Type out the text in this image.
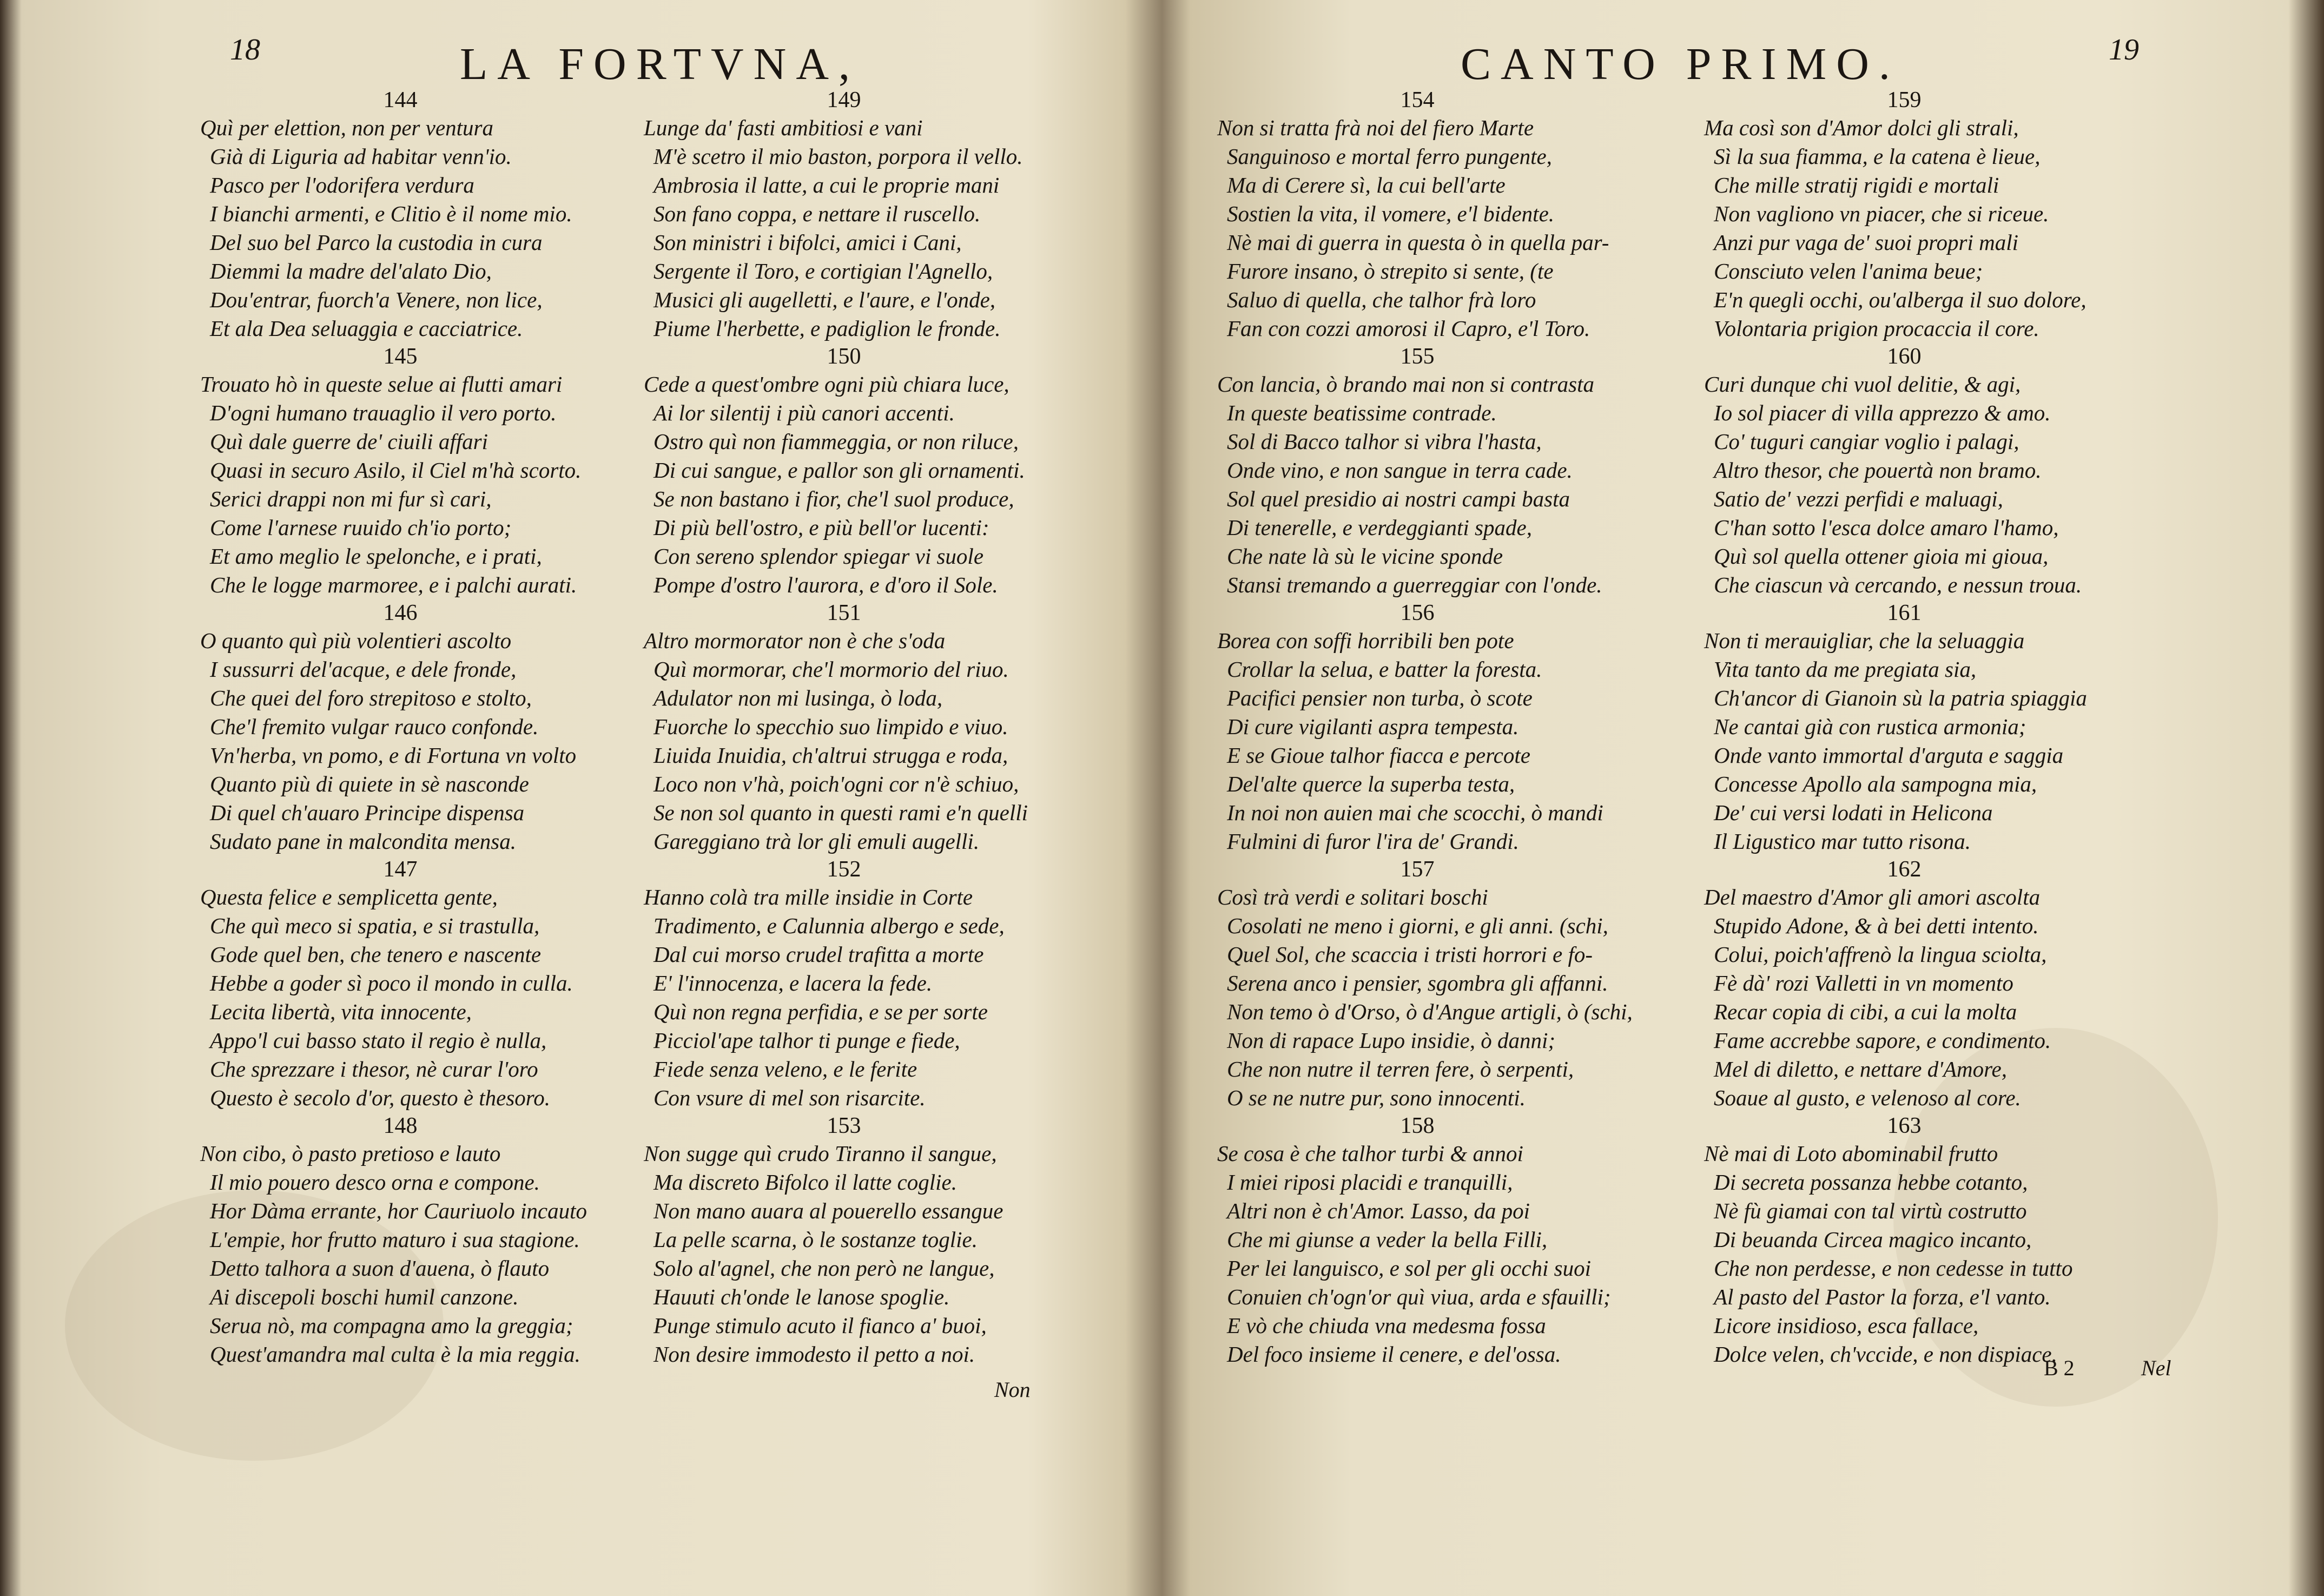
18	LA FORTVNA,
144
Quì per elettion, non per ventura
Già di Liguria ad habitar venn'io.
Pasco per l'odorifera verdura
I bianchi armenti, e Clitio è il nome mio.
Del suo bel Parco la custodia in cura
Diemmi la madre del'alato Dio,
Dou'entrar, fuorch'a Venere, non lice,
Et ala Dea seluaggia e cacciatrice.
145
Trouato hò in queste selue ai flutti amari
D'ogni humano trauaglio il vero porto.
Quì dale guerre de' ciuili affari
Quasi in securo Asilo, il Ciel m'hà scorto.
Serici drappi non mi fur sì cari,
Come l'arnese ruuido ch'io porto;
Et amo meglio le spelonche, e i prati,
Che le logge marmoree, e i palchi aurati.
146
O quanto quì più volentieri ascolto
I sussurri del'acque, e dele fronde,
Che quei del foro strepitoso e stolto,
Che'l fremito vulgar rauco confonde.
Vn'herba, vn pomo, e di Fortuna vn volto
Quanto più di quiete in sè nasconde
Di quel ch'auaro Principe dispensa
Sudato pane in malcondita mensa.
147
Questa felice e semplicetta gente,
Che quì meco si spatia, e si trastulla,
Gode quel ben, che tenero e nascente
Hebbe a goder sì poco il mondo in culla.
Lecita libertà, vita innocente,
Appo'l cui basso stato il regio è nulla,
Che sprezzare i thesor, nè curar l'oro
Questo è secolo d'or, questo è thesoro.
148
Non cibo, ò pasto pretioso e lauto
Il mio pouero desco orna e compone.
Hor Dàma errante, hor Cauriuolo incauto
L'empie, hor frutto maturo i sua stagione.
Detto talhora a suon d'auena, ò flauto
Ai discepoli boschi humil canzone.
Serua nò, ma compagna amo la greggia;
Quest'amandra mal culta è la mia reggia.
149
Lunge da' fasti ambitiosi e vani
M'è scetro il mio baston, porpora il vello.
Ambrosia il latte, a cui le proprie mani
Son fano coppa, e nettare il ruscello.
Son ministri i bifolci, amici i Cani,
Sergente il Toro, e cortigian l'Agnello,
Musici gli augelletti, e l'aure, e l'onde,
Piume l'herbette, e padiglion le fronde.
150
Cede a quest'ombre ogni più chiara luce,
Ai lor silentij i più canori accenti.
Ostro quì non fiammeggia, or non riluce,
Di cui sangue, e pallor son gli ornamenti.
Se non bastano i fior, che'l suol produce,
Di più bell'ostro, e più bell'or lucenti:
Con sereno splendor spiegar vi suole
Pompe d'ostro l'aurora, e d'oro il Sole.
151
Altro mormorator non è che s'oda
Quì mormorar, che'l mormorio del riuo.
Adulator non mi lusinga, ò loda,
Fuorche lo specchio suo limpido e viuo.
Liuida Inuidia, ch'altrui strugga e roda,
Loco non v'hà, poich'ogni cor n'è schiuo,
Se non sol quanto in questi rami e'n quelli
Gareggiano trà lor gli emuli augelli.
152
Hanno colà tra mille insidie in Corte
Tradimento, e Calunnia albergo e sede,
Dal cui morso crudel trafitta a morte
E' l'innocenza, e lacera la fede.
Quì non regna perfidia, e se per sorte
Picciol'ape talhor ti punge e fiede,
Fiede senza veleno, e le ferite
Con vsure di mel son risarcite.
153
Non sugge quì crudo Tiranno il sangue,
Ma discreto Bifolco il latte coglie.
Non mano auara al pouerello essangue
La pelle scarna, ò le sostanze toglie.
Solo al'agnel, che non però ne langue,
Hauuti ch'onde le lanose spoglie.
Punge stimulo acuto il fianco a' buoi,
Non desire immodesto il petto a noi.
Non
CANTO PRIMO.	19
154
Non si tratta frà noi del fiero Marte
Sanguinoso e mortal ferro pungente,
Ma di Cerere sì, la cui bell'arte
Sostien la vita, il vomere, e'l bidente.
Nè mai di guerra in questa ò in quella par-
Furore insano, ò strepito si sente, (te
Saluo di quella, che talhor frà loro
Fan con cozzi amorosi il Capro, e'l Toro.
155
Con lancia, ò brando mai non si contrasta
In queste beatissime contrade.
Sol di Bacco talhor si vibra l'hasta,
Onde vino, e non sangue in terra cade.
Sol quel presidio ai nostri campi basta
Di tenerelle, e verdeggianti spade,
Che nate là sù le vicine sponde
Stansi tremando a guerreggiar con l'onde.
156
Borea con soffi horribili ben pote
Crollar la selua, e batter la foresta.
Pacifici pensier non turba, ò scote
Di cure vigilanti aspra tempesta.
E se Gioue talhor fiacca e percote
Del'alte querce la superba testa,
In noi non auien mai che scocchi, ò mandi
Fulmini di furor l'ira de' Grandi.
157
Così trà verdi e solitari boschi
Cosolati ne meno i giorni, e gli anni. (schi,
Quel Sol, che scaccia i tristi horrori e fo-
Serena anco i pensier, sgombra gli affanni.
Non temo ò d'Orso, ò d'Angue artigli, ò (schi,
Non di rapace Lupo insidie, ò danni;
Che non nutre il terren fere, ò serpenti,
O se ne nutre pur, sono innocenti.
158
Se cosa è che talhor turbi & annoi
I miei riposi placidi e tranquilli,
Altri non è ch'Amor. Lasso, da poi
Che mi giunse a veder la bella Filli,
Per lei languisco, e sol per gli occhi suoi
Conuien ch'ogn'or quì viua, arda e sfauilli;
E vò che chiuda vna medesma fossa
Del foco insieme il cenere, e del'ossa.
159
Ma così son d'Amor dolci gli strali,
Sì la sua fiamma, e la catena è lieue,
Che mille stratij rigidi e mortali
Non vagliono vn piacer, che si riceue.
Anzi pur vaga de' suoi propri mali
Consciuto velen l'anima beue;
E'n quegli occhi, ou'alberga il suo dolore,
Volontaria prigion procaccia il core.
160
Curi dunque chi vuol delitie, & agi,
Io sol piacer di villa apprezzo & amo.
Co' tuguri cangiar voglio i palagi,
Altro thesor, che pouertà non bramo.
Satio de' vezzi perfidi e maluagi,
C'han sotto l'esca dolce amaro l'hamo,
Quì sol quella ottener gioia mi gioua,
Che ciascun và cercando, e nessun troua.
161
Non ti merauigliar, che la seluaggia
Vita tanto da me pregiata sia,
Ch'ancor di Gianoin sù la patria spiaggia
Ne cantai già con rustica armonia;
Onde vanto immortal d'arguta e saggia
Concesse Apollo ala sampogna mia,
De' cui versi lodati in Helicona
Il Ligustico mar tutto risona.
162
Del maestro d'Amor gli amori ascolta
Stupido Adone, & à bei detti intento.
Colui, poich'affrenò la lingua sciolta,
Fè dà' rozi Valletti in vn momento
Recar copia di cibi, a cui la molta
Fame accrebbe sapore, e condimento.
Mel di diletto, e nettare d'Amore,
Soaue al gusto, e velenoso al core.
163
Nè mai di Loto abominabil frutto
Di secreta possanza hebbe cotanto,
Nè fù giamai con tal virtù costrutto
Di beuanda Circea magico incanto,
Che non perdesse, e non cedesse in tutto
Al pasto del Pastor la forza, e'l vanto.
Licore insidioso, esca fallace,
Dolce velen, ch'vccide, e non dispiace.
B 2	Nel
